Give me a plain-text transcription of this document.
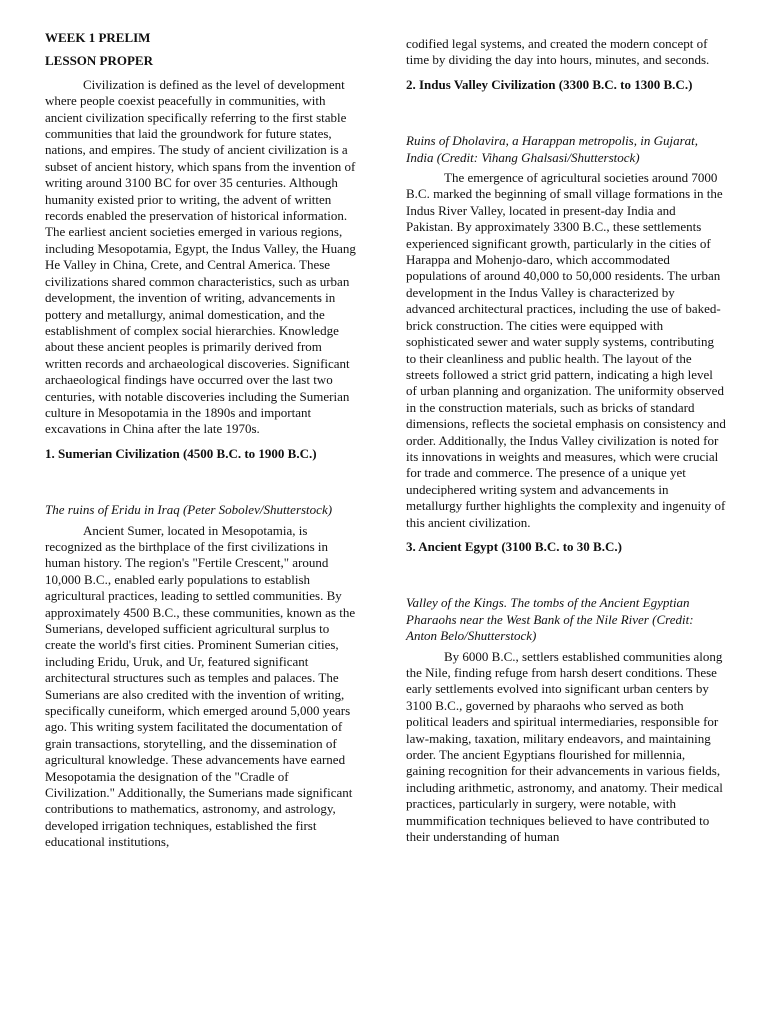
WEEK 1 PRELIM

LESSON PROPER

Civilization is defined as the level of development where people coexist peacefully in communities, with ancient civilization specifically referring to the first stable communities that laid the groundwork for future states, nations, and empires. The study of ancient civilization is a subset of ancient history, which spans from the invention of writing around 3100 BC for over 35 centuries. Although humanity existed prior to writing, the advent of written records enabled the preservation of historical information. The earliest ancient societies emerged in various regions, including Mesopotamia, Egypt, the Indus Valley, the Huang He Valley in China, Crete, and Central America. These civilizations shared common characteristics, such as urban development, the invention of writing, advancements in pottery and metallurgy, animal domestication, and the establishment of complex social hierarchies. Knowledge about these ancient peoples is primarily derived from written records and archaeological discoveries. Significant archaeological findings have occurred over the last two centuries, with notable discoveries including the Sumerian culture in Mesopotamia in the 1890s and important excavations in China after the late 1970s.

1. Sumerian Civilization (4500 B.C. to 1900 B.C.)

The ruins of Eridu in Iraq (Peter Sobolev/Shutterstock)

Ancient Sumer, located in Mesopotamia, is recognized as the birthplace of the first civilizations in human history. The region's "Fertile Crescent," around 10,000 B.C., enabled early populations to establish agricultural practices, leading to settled communities. By approximately 4500 B.C., these communities, known as the Sumerians, developed sufficient agricultural surplus to create the world's first cities. Prominent Sumerian cities, including Eridu, Uruk, and Ur, featured significant architectural structures such as temples and palaces. The Sumerians are also credited with the invention of writing, specifically cuneiform, which emerged around 5,000 years ago. This writing system facilitated the documentation of grain transactions, storytelling, and the dissemination of agricultural knowledge. These advancements have earned Mesopotamia the designation of the "Cradle of Civilization." Additionally, the Sumerians made significant contributions to mathematics, astronomy, and astrology, developed irrigation techniques, established the first educational institutions,

codified legal systems, and created the modern concept of time by dividing the day into hours, minutes, and seconds.

2. Indus Valley Civilization (3300 B.C. to 1300 B.C.)

Ruins of Dholavira, a Harappan metropolis, in Gujarat, India (Credit: Vihang Ghalsasi/Shutterstock)

The emergence of agricultural societies around 7000 B.C. marked the beginning of small village formations in the Indus River Valley, located in present-day India and Pakistan. By approximately 3300 B.C., these settlements experienced significant growth, particularly in the cities of Harappa and Mohenjo-daro, which accommodated populations of around 40,000 to 50,000 residents. The urban development in the Indus Valley is characterized by advanced architectural practices, including the use of baked-brick construction. The cities were equipped with sophisticated sewer and water supply systems, contributing to their cleanliness and public health. The layout of the streets followed a strict grid pattern, indicating a high level of urban planning and organization. The uniformity observed in the construction materials, such as bricks of standard dimensions, reflects the societal emphasis on consistency and order. Additionally, the Indus Valley civilization is noted for its innovations in weights and measures, which were crucial for trade and commerce. The presence of a unique yet undeciphered writing system and advancements in metallurgy further highlights the complexity and ingenuity of this ancient civilization.

3. Ancient Egypt (3100 B.C. to 30 B.C.)

Valley of the Kings. The tombs of the Ancient Egyptian Pharaohs near the West Bank of the Nile River (Credit: Anton Belo/Shutterstock)

By 6000 B.C., settlers established communities along the Nile, finding refuge from harsh desert conditions. These early settlements evolved into significant urban centers by 3100 B.C., governed by pharaohs who served as both political leaders and spiritual intermediaries, responsible for law-making, taxation, military endeavors, and maintaining order. The ancient Egyptians flourished for millennia, gaining recognition for their advancements in various fields, including arithmetic, astronomy, and anatomy. Their medical practices, particularly in surgery, were notable, with mummification techniques believed to have contributed to their understanding of human
